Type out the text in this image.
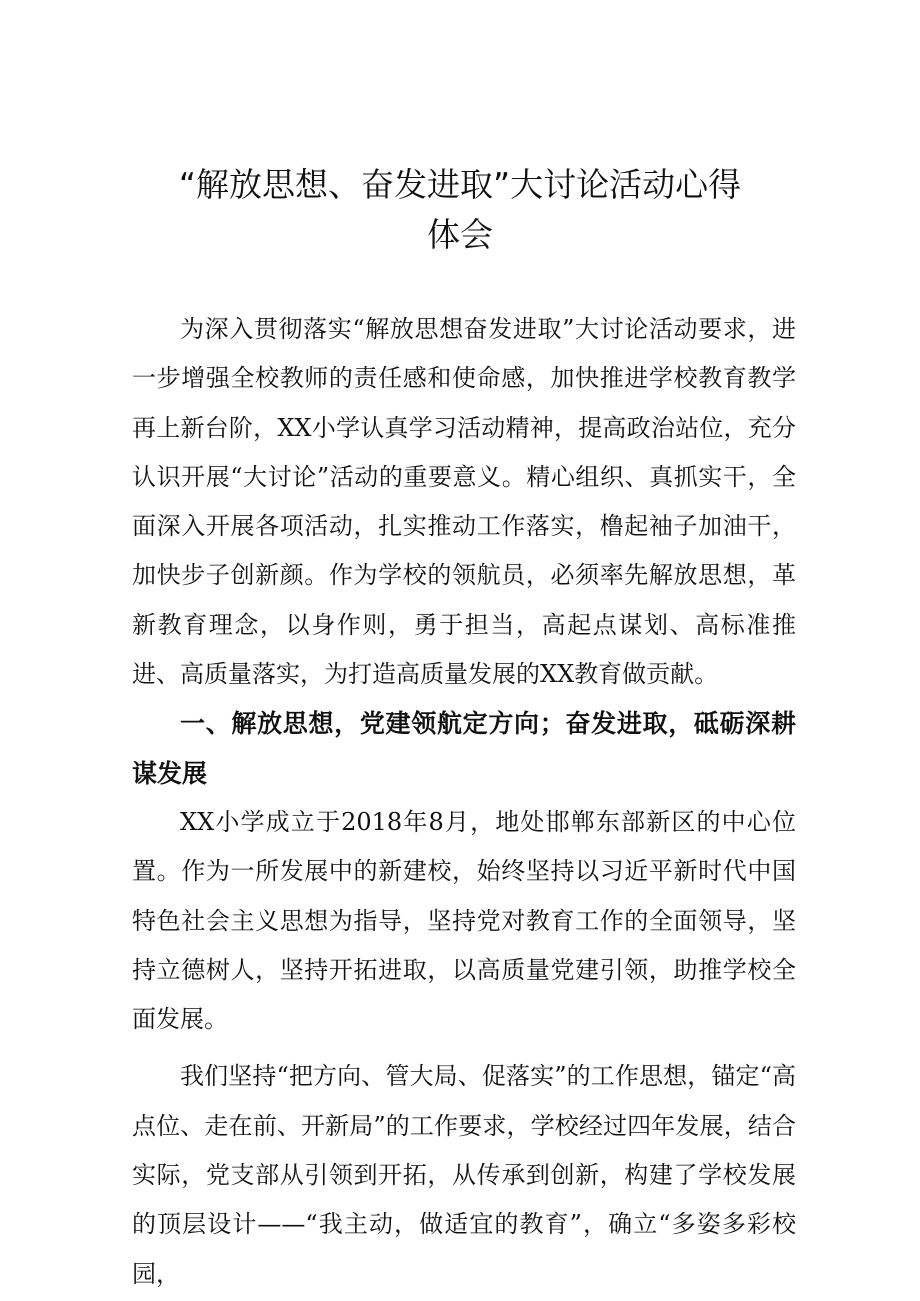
“解放思想、奋发进取”大讨论活动心得
体会

为深入贯彻落实“解放思想奋发进取”大讨论活动要求，进一步增强全校教师的责任感和使命感，加快推进学校教育教学再上新台阶，XX小学认真学习活动精神，提高政治站位，充分认识开展“大讨论”活动的重要意义。精心组织、真抓实干，全面深入开展各项活动，扎实推动工作落实，橹起袖子加油干，加快步子创新颜。作为学校的领航员，必须率先解放思想，革新教育理念，以身作则，勇于担当，高起点谋划、高标准推进、高质量落实，为打造高质量发展的XX教育做贡献。

一、解放思想，党建领航定方向；奋发进取，砥砺深耕谋发展

XX小学成立于2018年8月，地处邯郸东部新区的中心位置。作为一所发展中的新建校，始终坚持以习近平新时代中国特色社会主义思想为指导，坚持党对教育工作的全面领导，坚持立德树人，坚持开拓进取，以高质量党建引领，助推学校全面发展。

我们坚持“把方向、管大局、促落实”的工作思想，锚定“高点位、走在前、开新局”的工作要求，学校经过四年发展，结合实际，党支部从引领到开拓，从传承到创新，构建了学校发展的顶层设计——“我主动，做适宜的教育”，确立“多姿多彩校园，
